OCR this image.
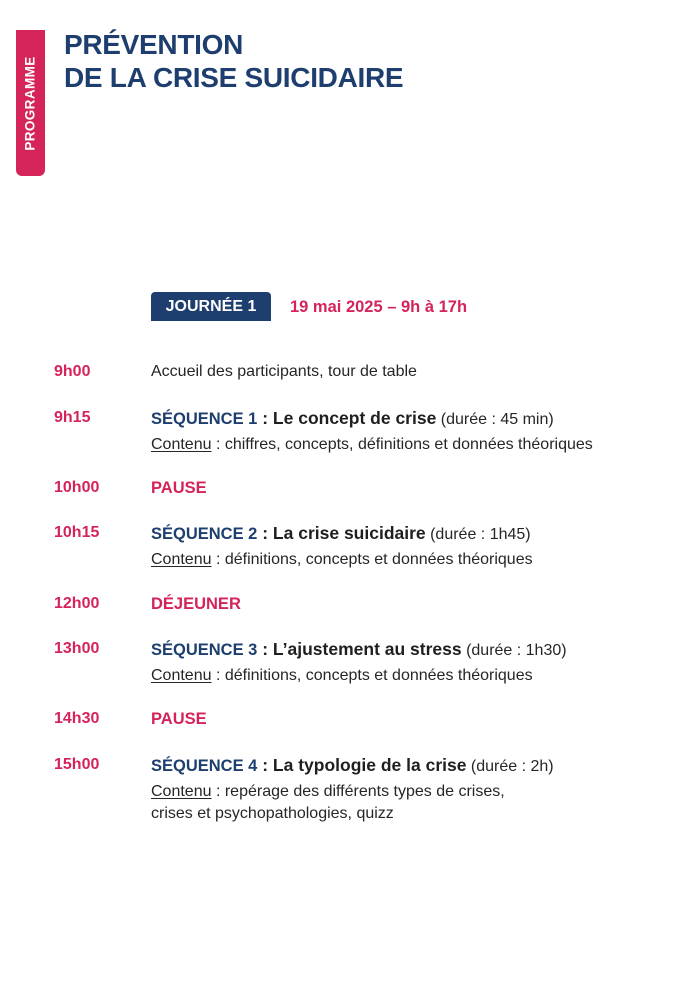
PROGRAMME
PRÉVENTION
DE LA CRISE SUICIDAIRE
JOURNÉE 1	19 mai 2025 – 9h à 17h
9h00	Accueil des participants, tour de table
9h15	SÉQUENCE 1 : Le concept de crise (durée : 45 min)
Contenu : chiffres, concepts, définitions et données théoriques
10h00	PAUSE
10h15	SÉQUENCE 2 : La crise suicidaire (durée : 1h45)
Contenu : définitions, concepts et données théoriques
12h00	DÉJEUNER
13h00	SÉQUENCE 3 : L’ajustement au stress (durée : 1h30)
Contenu : définitions, concepts et données théoriques
14h30	PAUSE
15h00	SÉQUENCE 4 : La typologie de la crise (durée : 2h)
Contenu : repérage des différents types de crises,
crises et psychopathologies, quizz
